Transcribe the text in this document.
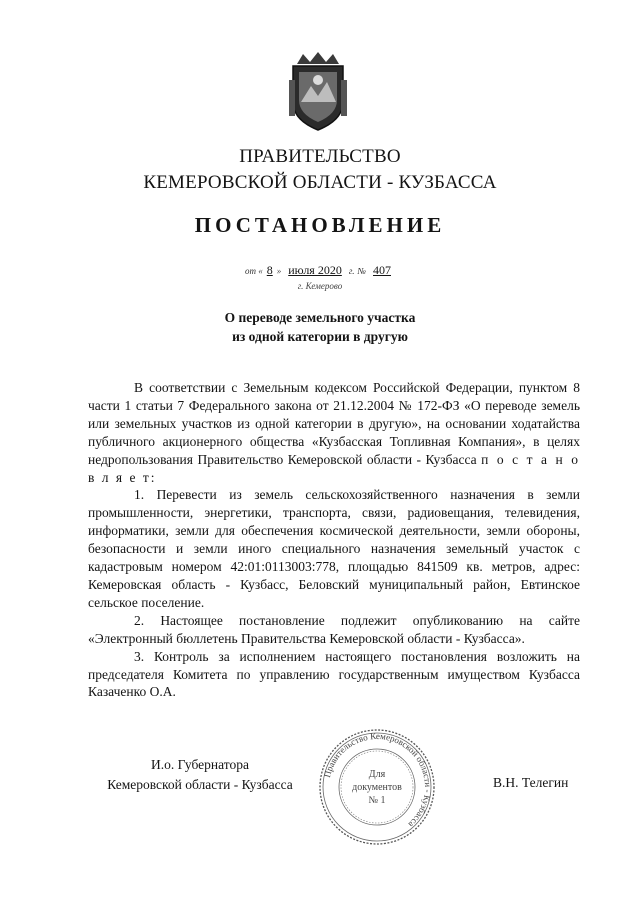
ПРАВИТЕЛЬСТВО
КЕМЕРОВСКОЙ ОБЛАСТИ - КУЗБАССА
ПОСТАНОВЛЕНИЕ
от « 8 » июля 2020 г. № 407
г. Кемерово
О переводе земельного участка
из одной категории в другую

В соответствии с Земельным кодексом Российской Федерации, пунктом 8 части 1 статьи 7 Федерального закона от 21.12.2004 № 172-ФЗ «О переводе земель или земельных участков из одной категории в другую», на основании ходатайства публичного акционерного общества «Кузбасская Топливная Компания», в целях недропользования Правительство Кемеровской области - Кузбасса п о с т а н о в л я е т:

1. Перевести из земель сельскохозяйственного назначения в земли промышленности, энергетики, транспорта, связи, радиовещания, телевидения, информатики, земли для обеспечения космической деятельности, земли обороны, безопасности и земли иного специального назначения земельный участок с кадастровым номером 42:01:0113003:778, площадью 841509 кв. метров, адрес: Кемеровская область - Кузбасс, Беловский муниципальный район, Евтинское сельское поселение.

2. Настоящее постановление подлежит опубликованию на сайте «Электронный бюллетень Правительства Кемеровской области - Кузбасса».

3. Контроль за исполнением настоящего постановления возложить на председателя Комитета по управлению государственным имуществом Кузбасса Казаченко О.А.

И.о. Губернатора
Кемеровской области - Кузбасса	В.Н. Телегин
Правительство Кемеровской области - Кузбасса
Для
документов
№ 1
